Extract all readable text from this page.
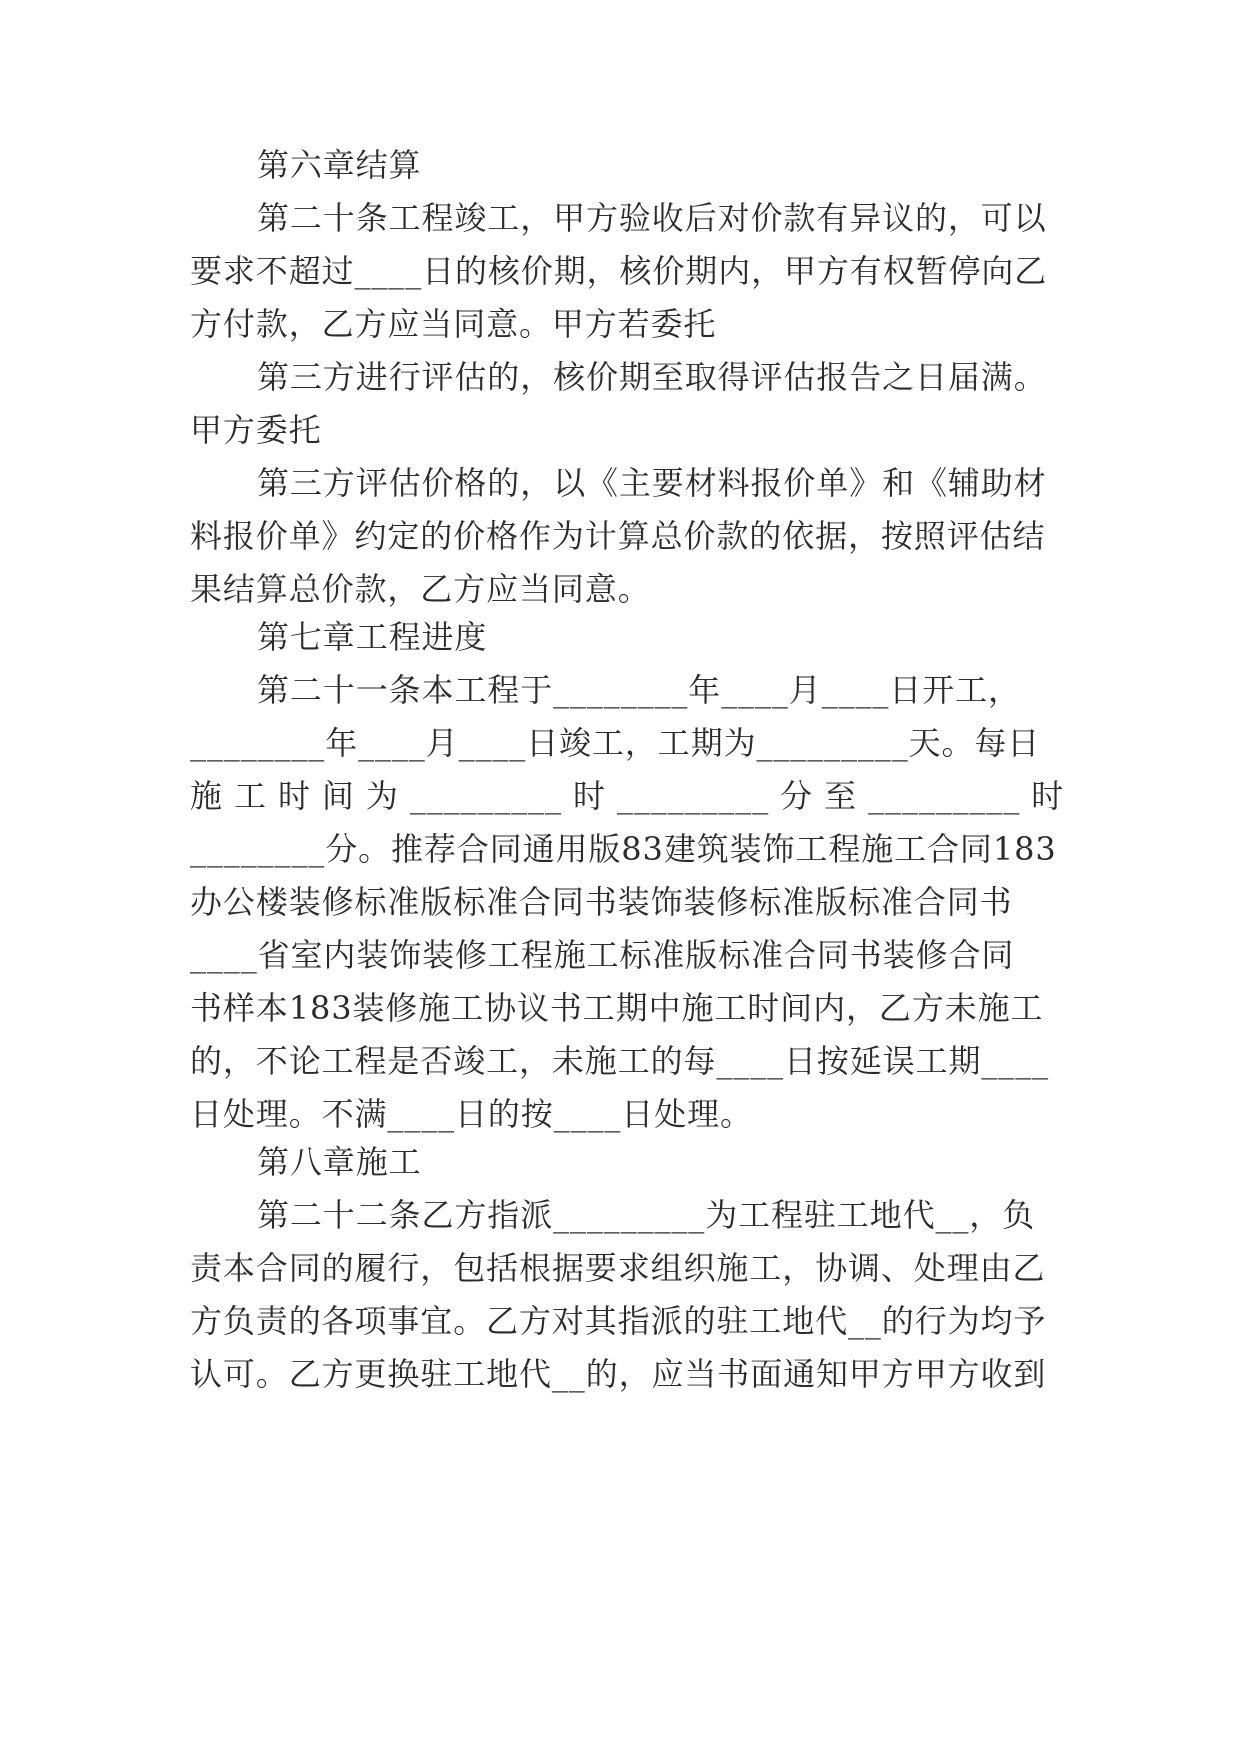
第六章结算

第二十条工程竣工，甲方验收后对价款有异议的，可以

要求不超过____日的核价期，核价期内，甲方有权暂停向乙

方付款，乙方应当同意。甲方若委托

第三方进行评估的，核价期至取得评估报告之日届满。

甲方委托

第三方评估价格的，以《主要材料报价单》和《辅助材

料报价单》约定的价格作为计算总价款的依据，按照评估结

果结算总价款，乙方应当同意。

第七章工程进度

第二十一条本工程于________年____月____日开工，

________年____月____日竣工，工期为_________天。每日

施 工 时 间 为 _________ 时 _________ 分 至 _________ 时

________分。推荐合同通用版83建筑装饰工程施工合同183

办公楼装修标准版标准合同书装饰装修标准版标准合同书

____省室内装饰装修工程施工标准版标准合同书装修合同

书样本183装修施工协议书工期中施工时间内，乙方未施工

的，不论工程是否竣工，未施工的每____日按延误工期____

日处理。不满____日的按____日处理。

第八章施工

第二十二条乙方指派_________为工程驻工地代__，负

责本合同的履行，包括根据要求组织施工，协调、处理由乙

方负责的各项事宜。乙方对其指派的驻工地代__的行为均予

认可。乙方更换驻工地代__的，应当书面通知甲方甲方收到
